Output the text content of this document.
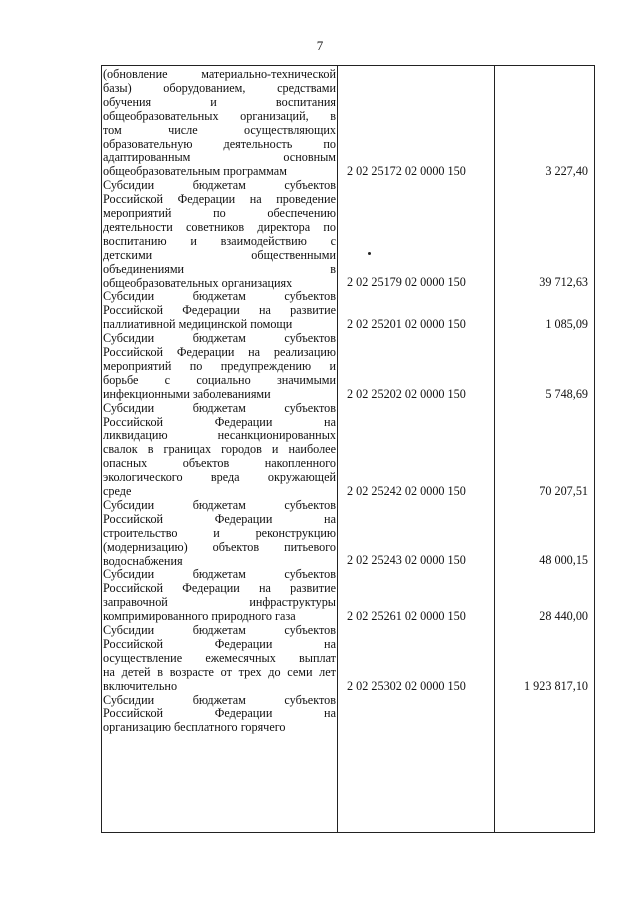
7
(обновление материально-технической
базы) оборудованием, средствами
обучения и воспитания
общеобразовательных организаций, в
том числе осуществляющих
образовательную деятельность по
адаптированным основным
общеобразовательным программам	2 02 25172 02 0000 150	3 227,40
Субсидии бюджетам субъектов
Российской Федерации на проведение
мероприятий по обеспечению
деятельности советников директора по
воспитанию и взаимодействию с
детскими общественными
объединениями в
общеобразовательных организациях	2 02 25179 02 0000 150	39 712,63
Субсидии бюджетам субъектов
Российской Федерации на развитие
паллиативной медицинской помощи	2 02 25201 02 0000 150	1 085,09
Субсидии бюджетам субъектов
Российской Федерации на реализацию
мероприятий по предупреждению и
борьбе с социально значимыми
инфекционными заболеваниями	2 02 25202 02 0000 150	5 748,69
Субсидии бюджетам субъектов
Российской Федерации на
ликвидацию несанкционированных
свалок в границах городов и наиболее
опасных объектов накопленного
экологического вреда окружающей
среде	2 02 25242 02 0000 150	70 207,51
Субсидии бюджетам субъектов
Российской Федерации на
строительство и реконструкцию
(модернизацию) объектов питьевого
водоснабжения	2 02 25243 02 0000 150	48 000,15
Субсидии бюджетам субъектов
Российской Федерации на развитие
заправочной инфраструктуры
компримированного природного газа	2 02 25261 02 0000 150	28 440,00
Субсидии бюджетам субъектов
Российской Федерации на
осуществление ежемесячных выплат
на детей в возрасте от трех до семи лет
включительно	2 02 25302 02 0000 150	1 923 817,10
Субсидии бюджетам субъектов
Российской Федерации на
организацию бесплатного горячего
